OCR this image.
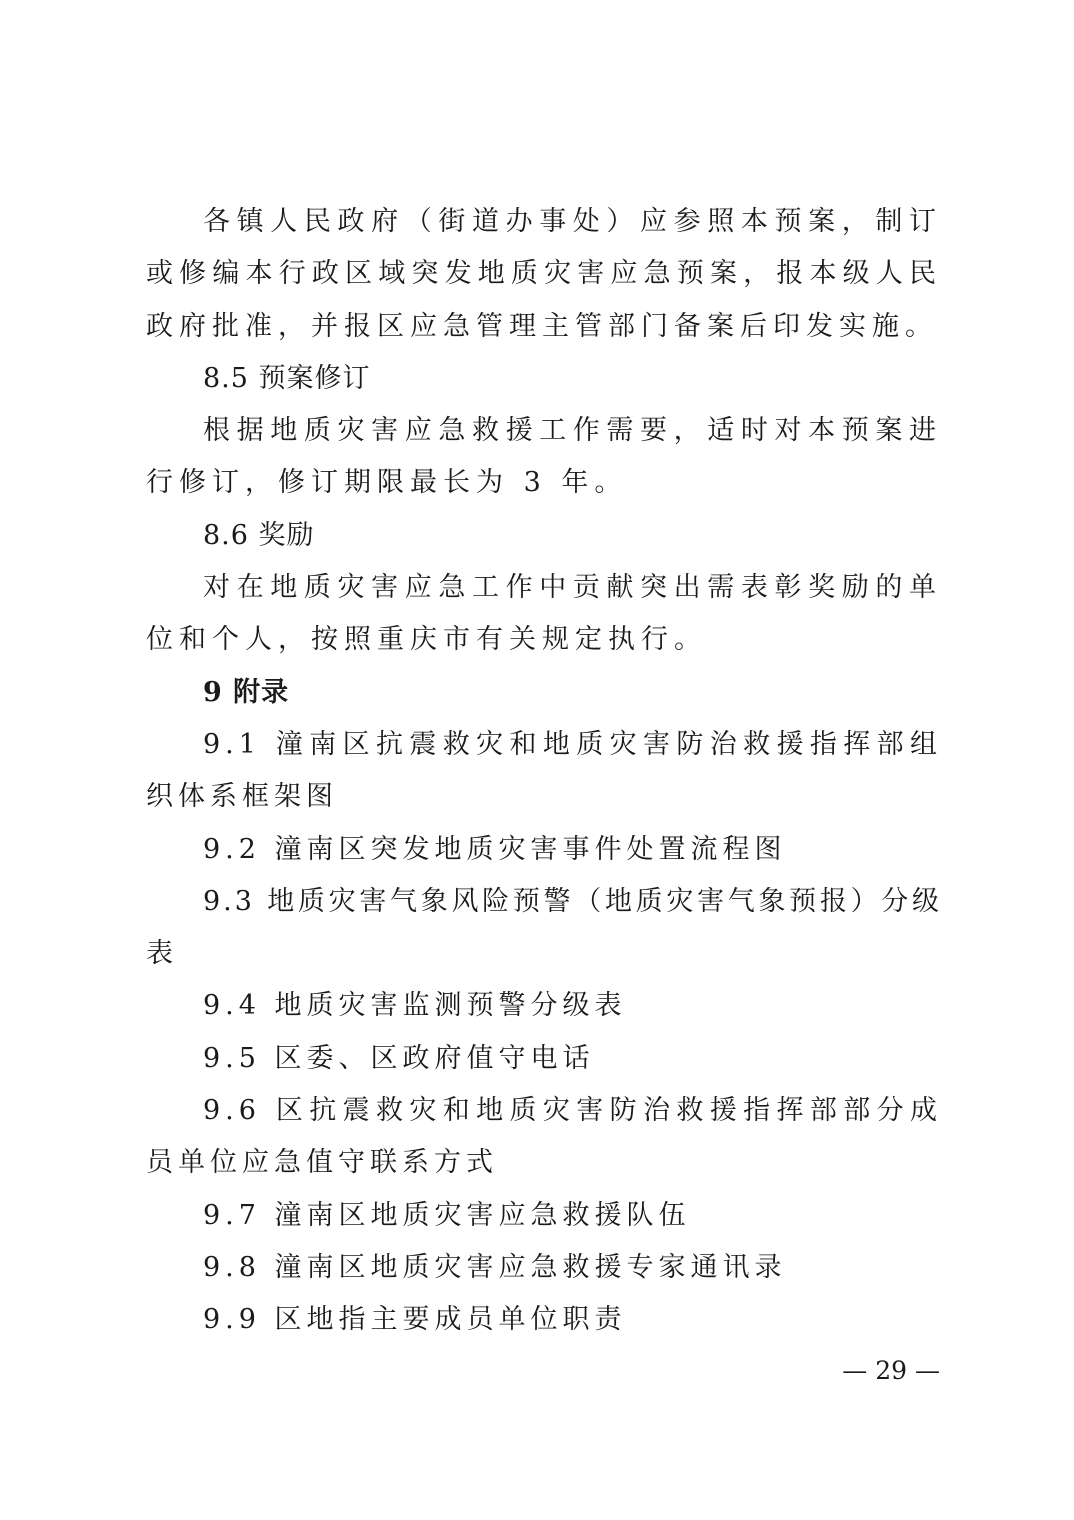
各镇人民政府（街道办事处）应参照本预案，制订或修编本行政区域突发地质灾害应急预案，报本级人民政府批准，并报区应急管理主管部门备案后印发实施。

8.5 预案修订

根据地质灾害应急救援工作需要，适时对本预案进行修订，修订期限最长为 3 年。

8.6 奖励

对在地质灾害应急工作中贡献突出需表彰奖励的单位和个人，按照重庆市有关规定执行。

9 附录

9.1 潼南区抗震救灾和地质灾害防治救援指挥部组织体系框架图

9.2 潼南区突发地质灾害事件处置流程图

9.3 地质灾害气象风险预警（地质灾害气象预报）分级表

9.4 地质灾害监测预警分级表

9.5 区委、区政府值守电话

9.6 区抗震救灾和地质灾害防治救援指挥部部分成员单位应急值守联系方式

9.7 潼南区地质灾害应急救援队伍

9.8 潼南区地质灾害应急救援专家通讯录

9.9 区地指主要成员单位职责

— 29 —
